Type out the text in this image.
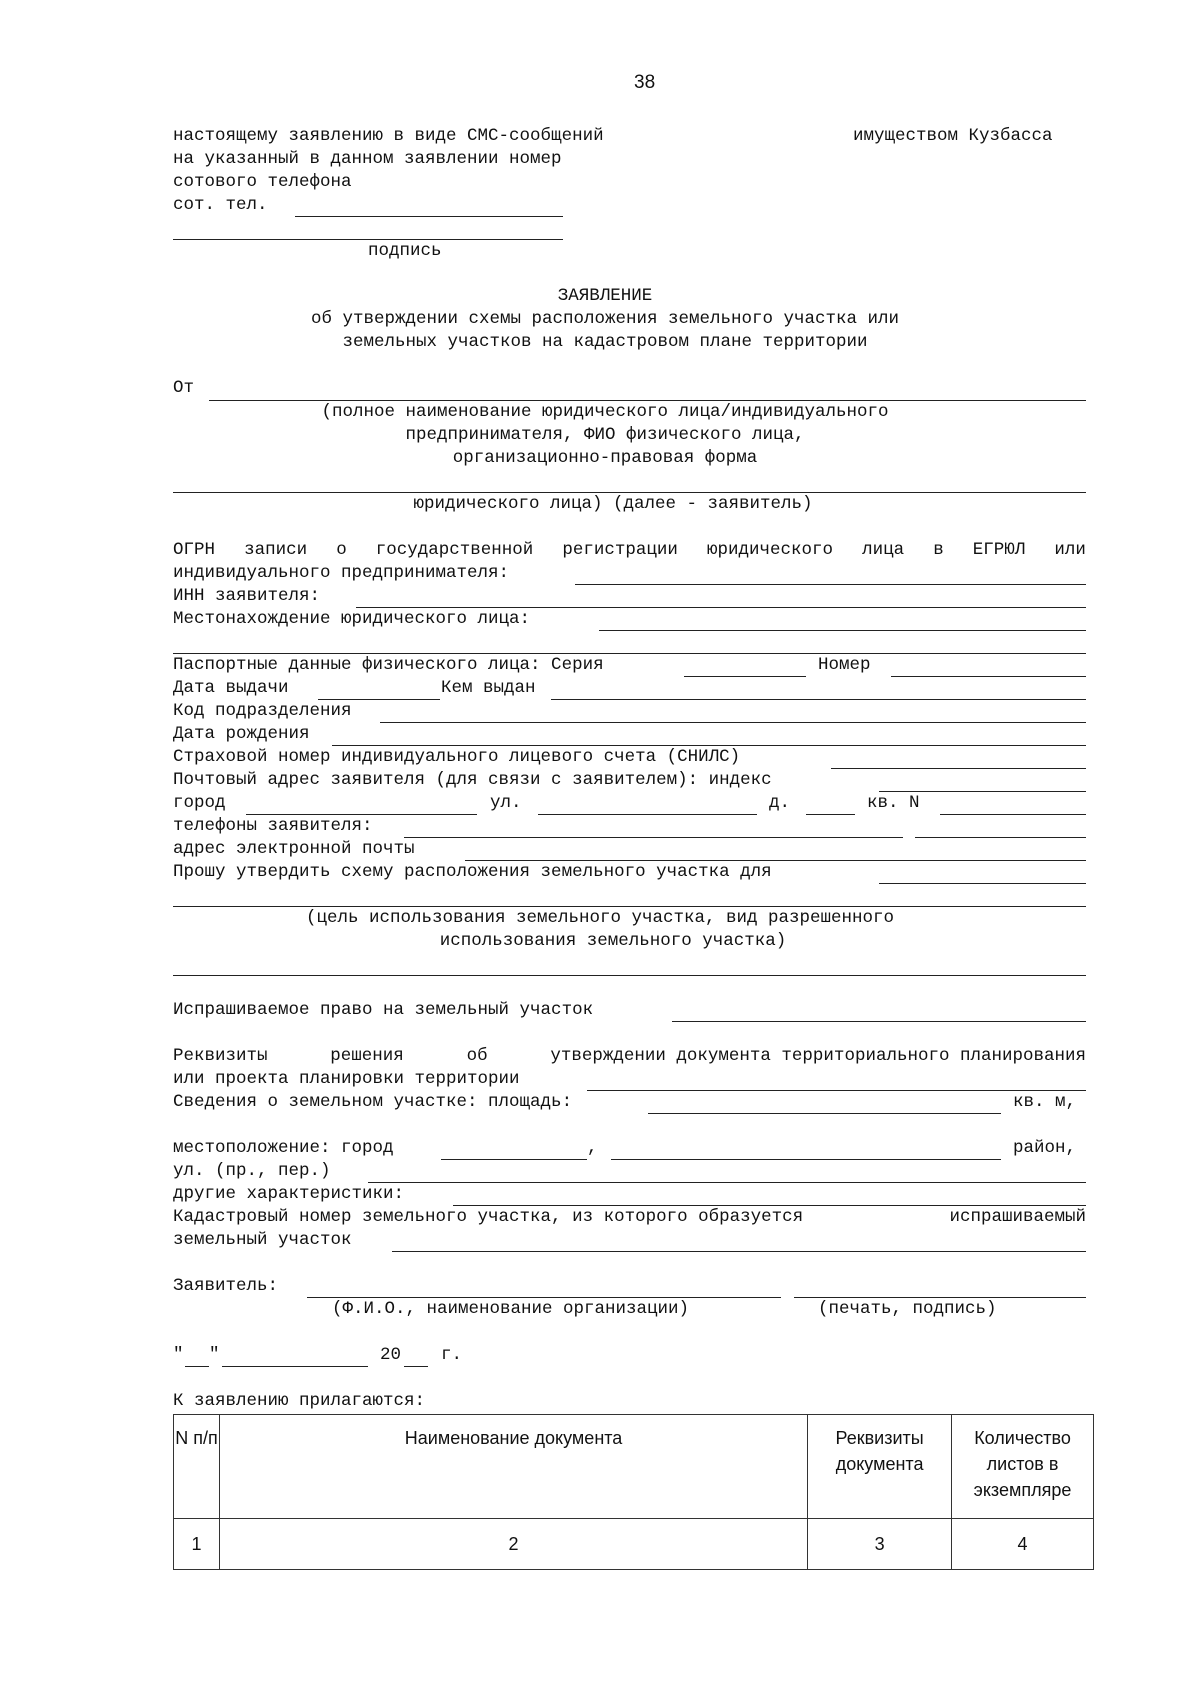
38
настоящему заявлению в виде СМС-сообщений
на указанный в данном заявлении номер
сотового телефона
сот. тел.
подпись
имуществом Кузбасса
ЗАЯВЛЕНИЕ
об утверждении схемы расположения земельного участка или
земельных участков на кадастровом плане территории
От
(полное наименование юридического лица/индивидуального
предпринимателя, ФИО физического лица,
организационно-правовая форма
юридического лица) (далее - заявитель)
ОГРН записи о государственной регистрации юридического лица в ЕГРЮЛ или
индивидуального предпринимателя:
ИНН заявителя:
Местонахождение юридического лица:
Паспортные данные физического лица: Серия	Номер
Дата выдачи	Кем выдан
Код подразделения
Дата рождения
Страховой номер индивидуального лицевого счета (СНИЛС)
Почтовый адрес заявителя (для связи с заявителем): индекс
город	ул.	д.	кв. N
телефоны заявителя:
адрес электронной почты
Прошу утвердить схему расположения земельного участка для
(цель использования земельного участка, вид разрешенного
использования земельного участка)
Испрашиваемое право на земельный участок
Реквизиты	решения	об	утверждении документа территориального планирования
или проекта планировки территории
Сведения о земельном участке: площадь:	кв. м,
местоположение: город	,	район,
ул. (пр., пер.)
другие характеристики:
Кадастровый номер земельного участка, из которого образуется	испрашиваемый
земельный участок
Заявитель:
(Ф.И.О., наименование организации)	(печать, подпись)
" "	20 г.
К заявлению прилагаются:
N п/п	Наименование документа	Реквизиты документа	Количество листов в экземпляре
1	2	3	4
